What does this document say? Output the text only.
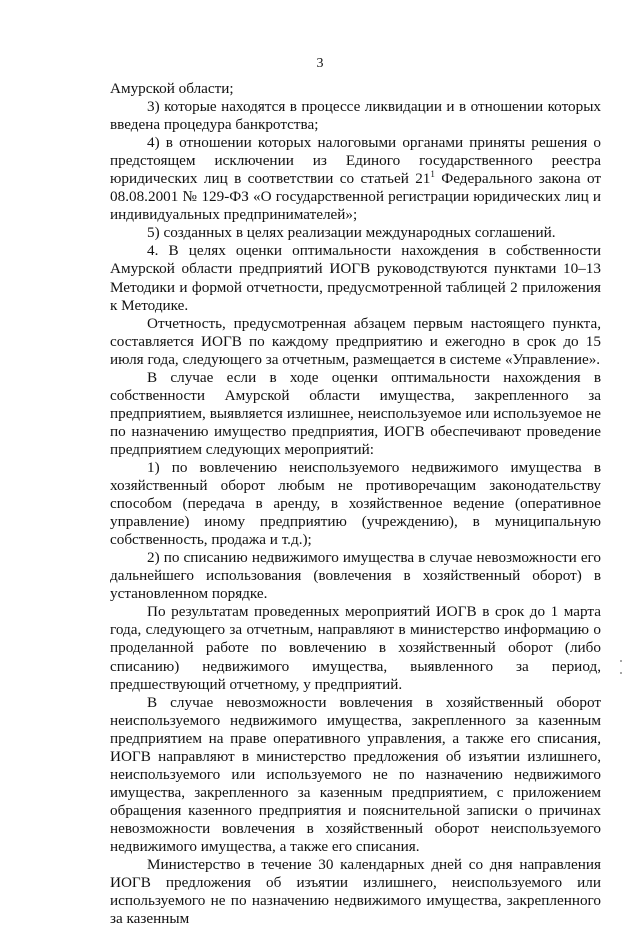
3

Амурской области;

3) которые находятся в процессе ликвидации и в отношении которых введена процедура банкротства;

4) в отношении которых налоговыми органами приняты решения о предстоящем исключении из Единого государственного реестра юридических лиц в соответствии со статьей $21^1$ Федерального закона от 08.08.2001 № 129-ФЗ «О государственной регистрации юридических лиц и индивидуальных предпринимателей»;

5) созданных в целях реализации международных соглашений.

4. В целях оценки оптимальности нахождения в собственности Амурской области предприятий ИОГВ руководствуются пунктами 10–13 Методики и формой отчетности, предусмотренной таблицей 2 приложения к Методике.

Отчетность, предусмотренная абзацем первым настоящего пункта, составляется ИОГВ по каждому предприятию и ежегодно в срок до 15 июля года, следующего за отчетным, размещается в системе «Управление».

В случае если в ходе оценки оптимальности нахождения в собственности Амурской области имущества, закрепленного за предприятием, выявляется излишнее, неиспользуемое или используемое не по назначению имущество предприятия, ИОГВ обеспечивают проведение предприятием следующих мероприятий:

1) по вовлечению неиспользуемого недвижимого имущества в хозяйственный оборот любым не противоречащим законодательству способом (передача в аренду, в хозяйственное ведение (оперативное управление) иному предприятию (учреждению), в муниципальную собственность, продажа и т.д.);

2) по списанию недвижимого имущества в случае невозможности его дальнейшего использования (вовлечения в хозяйственный оборот) в установленном порядке.

По результатам проведенных мероприятий ИОГВ в срок до 1 марта года, следующего за отчетным, направляют в министерство информацию о проделанной работе по вовлечению в хозяйственный оборот (либо списанию) недвижимого имущества, выявленного за период, предшествующий отчетному, у предприятий.

В случае невозможности вовлечения в хозяйственный оборот неиспользуемого недвижимого имущества, закрепленного за казенным предприятием на праве оперативного управления, а также его списания, ИОГВ направляют в министерство предложения об изъятии излишнего, неиспользуемого или используемого не по назначению недвижимого имущества, закрепленного за казенным предприятием, с приложением обращения казенного предприятия и пояснительной записки о причинах невозможности вовлечения в хозяйственный оборот неиспользуемого недвижимого имущества, а также его списания.

Министерство в течение 30 календарных дней со дня направления ИОГВ предложения об изъятии излишнего, неиспользуемого или используемого не по назначению недвижимого имущества, закрепленного за казенным
